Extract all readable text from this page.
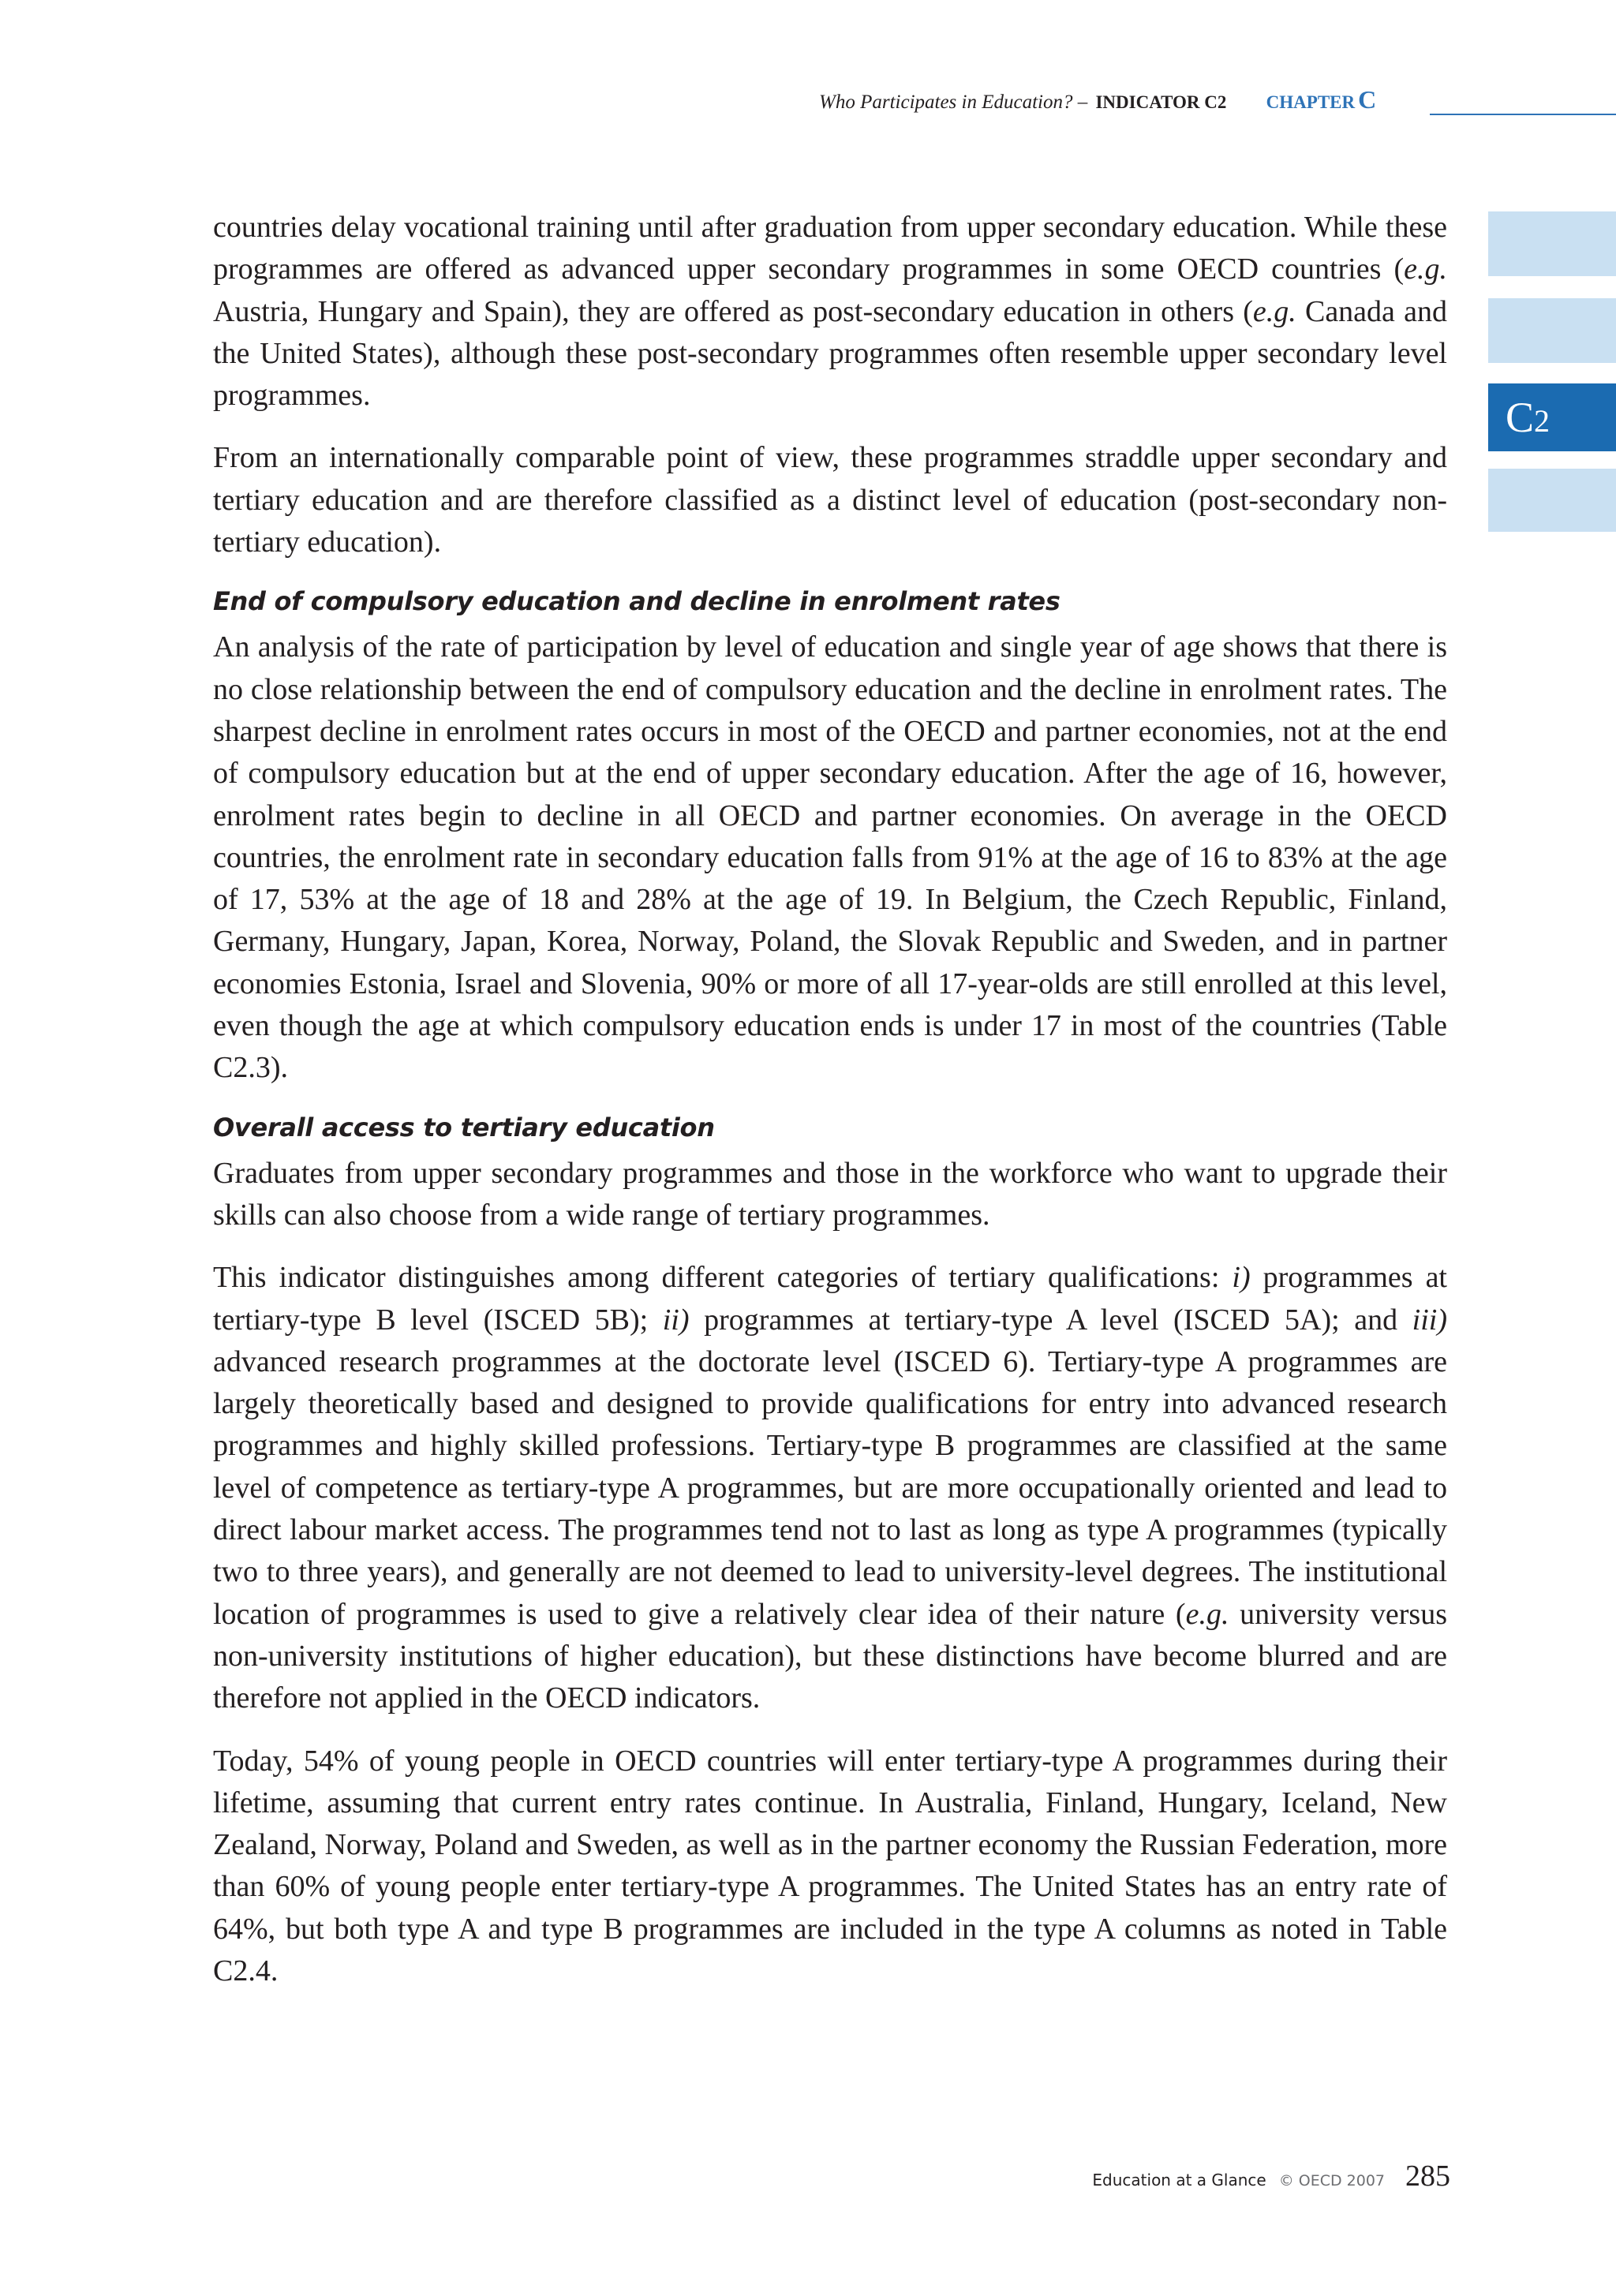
Who Participates in Education? – INDICATOR C2 CHAPTER C
C2

countries delay vocational training until after graduation from upper secondary education. While these programmes are offered as advanced upper secondary programmes in some OECD countries (e.g. Austria, Hungary and Spain), they are offered as post-secondary education in others (e.g. Canada and the United States), although these post-secondary programmes often resemble upper secondary level programmes.

From an internationally comparable point of view, these programmes straddle upper secondary and tertiary education and are therefore classified as a distinct level of education (post-secondary non-tertiary education).

End of compulsory education and decline in enrolment rates

An analysis of the rate of participation by level of education and single year of age shows that there is no close relationship between the end of compulsory education and the decline in enrolment rates. The sharpest decline in enrolment rates occurs in most of the OECD and partner economies, not at the end of compulsory education but at the end of upper secondary education. After the age of 16, however, enrolment rates begin to decline in all OECD and partner economies. On average in the OECD countries, the enrolment rate in secondary education falls from 91% at the age of 16 to 83% at the age of 17, 53% at the age of 18 and 28% at the age of 19. In Belgium, the Czech Republic, Finland, Germany, Hungary, Japan, Korea, Norway, Poland, the Slovak Republic and Sweden, and in partner economies Estonia, Israel and Slovenia, 90% or more of all 17-year-olds are still enrolled at this level, even though the age at which compulsory education ends is under 17 in most of the countries (Table C2.3).

Overall access to tertiary education

Graduates from upper secondary programmes and those in the workforce who want to upgrade their skills can also choose from a wide range of tertiary programmes.

This indicator distinguishes among different categories of tertiary qualifications: i) programmes at tertiary-type B level (ISCED 5B); ii) programmes at tertiary-type A level (ISCED 5A); and iii) advanced research programmes at the doctorate level (ISCED 6). Tertiary-type A programmes are largely theoretically based and designed to provide qualifications for entry into advanced research programmes and highly skilled professions. Tertiary-type B programmes are classified at the same level of competence as tertiary-type A programmes, but are more occupationally oriented and lead to direct labour market access. The programmes tend not to last as long as type A programmes (typically two to three years), and generally are not deemed to lead to university-level degrees. The institutional location of programmes is used to give a relatively clear idea of their nature (e.g. university versus non-university institutions of higher education), but these distinctions have become blurred and are therefore not applied in the OECD indicators.

Today, 54% of young people in OECD countries will enter tertiary-type A programmes during their lifetime, assuming that current entry rates continue. In Australia, Finland, Hungary, Iceland, New Zealand, Norway, Poland and Sweden, as well as in the partner economy the Russian Federation, more than 60% of young people enter tertiary-type A programmes. The United States has an entry rate of 64%, but both type A and type B programmes are included in the type A columns as noted in Table C2.4.

Education at a Glance © OECD 2007 285
